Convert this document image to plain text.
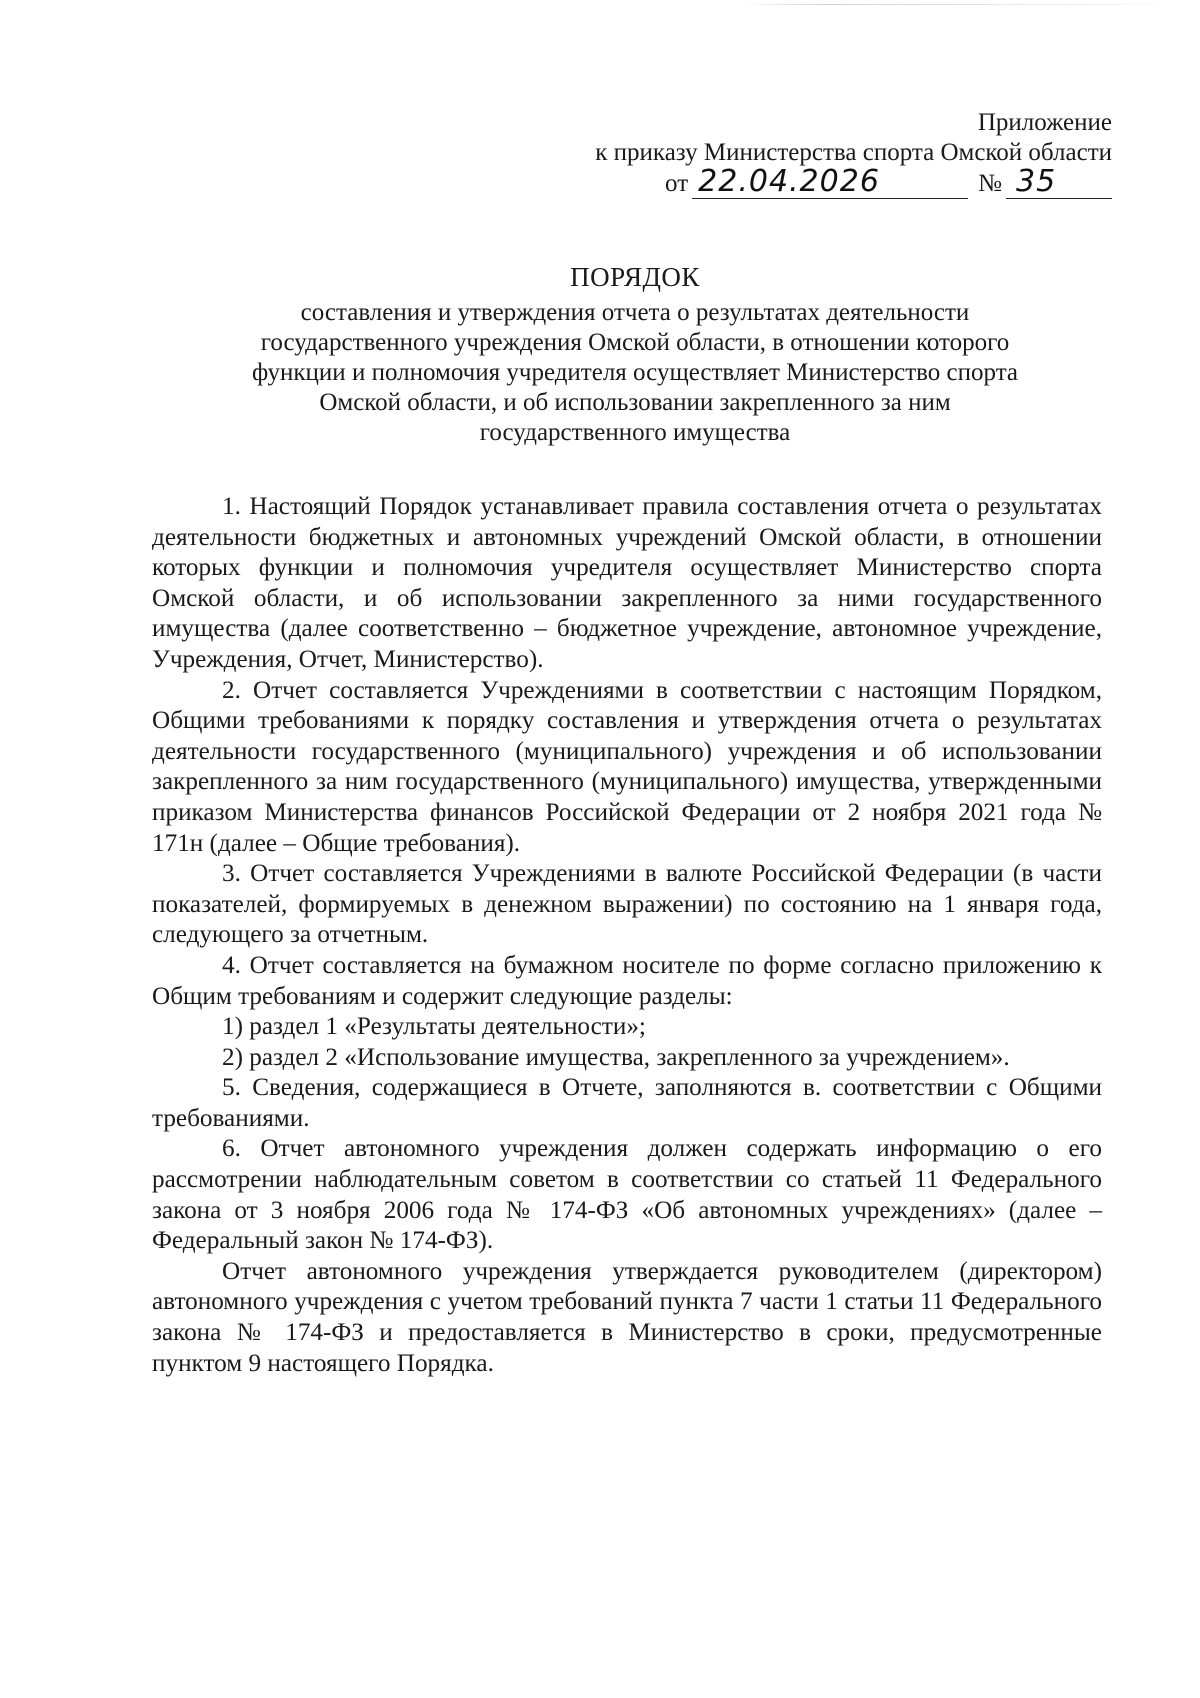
Приложение
к приказу Министерства спорта Омской области
от 22.04.2026	№ 35
ПОРЯДОК
составления и утверждения отчета о результатах деятельности
государственного учреждения Омской области, в отношении которого
функции и полномочия учредителя осуществляет Министерство спорта
Омской области, и об использовании закрепленного за ним
государственного имущества

1. Настоящий Порядок устанавливает правила составления отчета о результатах деятельности бюджетных и автономных учреждений Омской области, в отношении которых функции и полномочия учредителя осуществляет Министерство спорта Омской области, и об использовании закрепленного за ними государственного имущества (далее соответственно – бюджетное учреждение, автономное учреждение, Учреждения, Отчет, Министерство).

2. Отчет составляется Учреждениями в соответствии с настоящим Порядком, Общими требованиями к порядку составления и утверждения отчета о результатах деятельности государственного (муниципального) учреждения и об использовании закрепленного за ним государственного (муниципального) имущества, утвержденными приказом Министерства финансов Российской Федерации от 2 ноября 2021 года № 171н (далее – Общие требования).

3. Отчет составляется Учреждениями в валюте Российской Федерации (в части показателей, формируемых в денежном выражении) по состоянию на 1 января года, следующего за отчетным.

4. Отчет составляется на бумажном носителе по форме согласно приложению к Общим требованиям и содержит следующие разделы:

1) раздел 1 «Результаты деятельности»;

2) раздел 2 «Использование имущества, закрепленного за учреждением».

5. Сведения, содержащиеся в Отчете, заполняются в. соответствии с Общими требованиями.

6. Отчет автономного учреждения должен содержать информацию о его рассмотрении наблюдательным советом в соответствии со статьей 11 Федерального закона от 3 ноября 2006 года № 174-ФЗ «Об автономных учреждениях» (далее – Федеральный закон № 174-ФЗ).

Отчет автономного учреждения утверждается руководителем (директором) автономного учреждения с учетом требований пункта 7 части 1 статьи 11 Федерального закона № 174-ФЗ и предоставляется в Министерство в сроки, предусмотренные пунктом 9 настоящего Порядка.
